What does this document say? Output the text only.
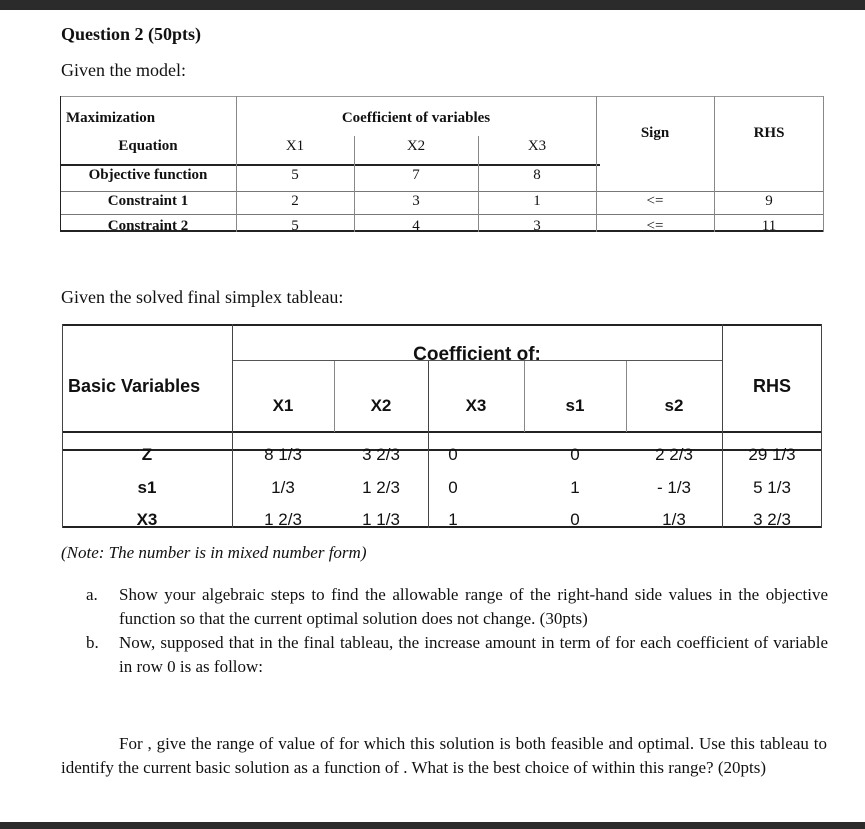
Question 2 (50pts)
Given the model:
Maximization	Coefficient of variables
Sign	RHS
Equation	X1	X2	X3
Objective function	5	7	8
Constraint 1	2	3	1	<=	9
Constraint 2	5	4	3	<=	11
Given the solved final simplex tableau:
Basic Variables
Coefficient of:
RHS
X1	X2	X3	s1	s2
Z	8 1/3	3 2/3	0	0	2 2/3	29 1/3
s1	1/3	1 2/3	0	1	- 1/3	5 1/3
X3	1 2/3	1 1/3	1	0	1/3	3 2/3
(Note: The number is in mixed number form)
a. Show your algebraic steps to find the allowable range of the right-hand side values in the objective function so that the current optimal solution does not change. (30pts)
b. Now, supposed that in the final tableau, the increase amount in term of for each coefficient of variable in row 0 is as follow:

For , give the range of value of for which this solution is both feasible and optimal. Use this tableau to identify the current basic solution as a function of . What is the best choice of within this range? (20pts)
